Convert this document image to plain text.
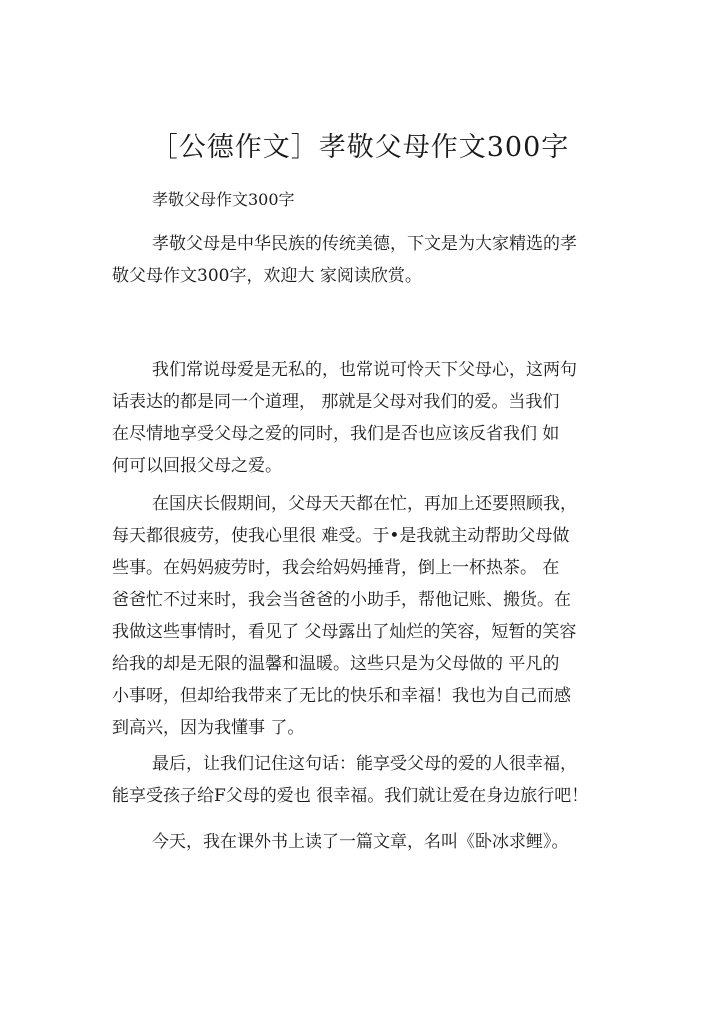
［公德作文］孝敬父母作文300字
孝敬父母作文300字
孝敬父母是中华民族的传统美德，下文是为大家精选的孝
敬父母作文300字，欢迎大 家阅读欣赏。
我们常说母爱是无私的，也常说可怜天下父母心，这两句
话表达的都是同一个道理， 那就是父母对我们的爱。当我们
在尽情地享受父母之爱的同时，我们是否也应该反省我们 如
何可以回报父母之爱。
在国庆长假期间，父母天天都在忙，再加上还要照顾我，
每天都很疲劳，使我心里很 难受。于•是我就主动帮助父母做
些事。在妈妈疲劳时，我会给妈妈捶背，倒上一杯热茶。 在
爸爸忙不过来时，我会当爸爸的小助手，帮他记账、搬货。在
我做这些事情时，看见了 父母露出了灿烂的笑容，短暂的笑容
给我的却是无限的温馨和温暖。这些只是为父母做的 平凡的
小事呀，但却给我带来了无比的快乐和幸福！我也为自己而感
到高兴，因为我懂事 了。
最后，让我们记住这句话：能享受父母的爱的人很幸福，
能享受孩子给F父母的爱也 很幸福。我们就让爱在身边旅行吧！
今天，我在课外书上读了一篇文章，名叫《卧冰求鲤》。
